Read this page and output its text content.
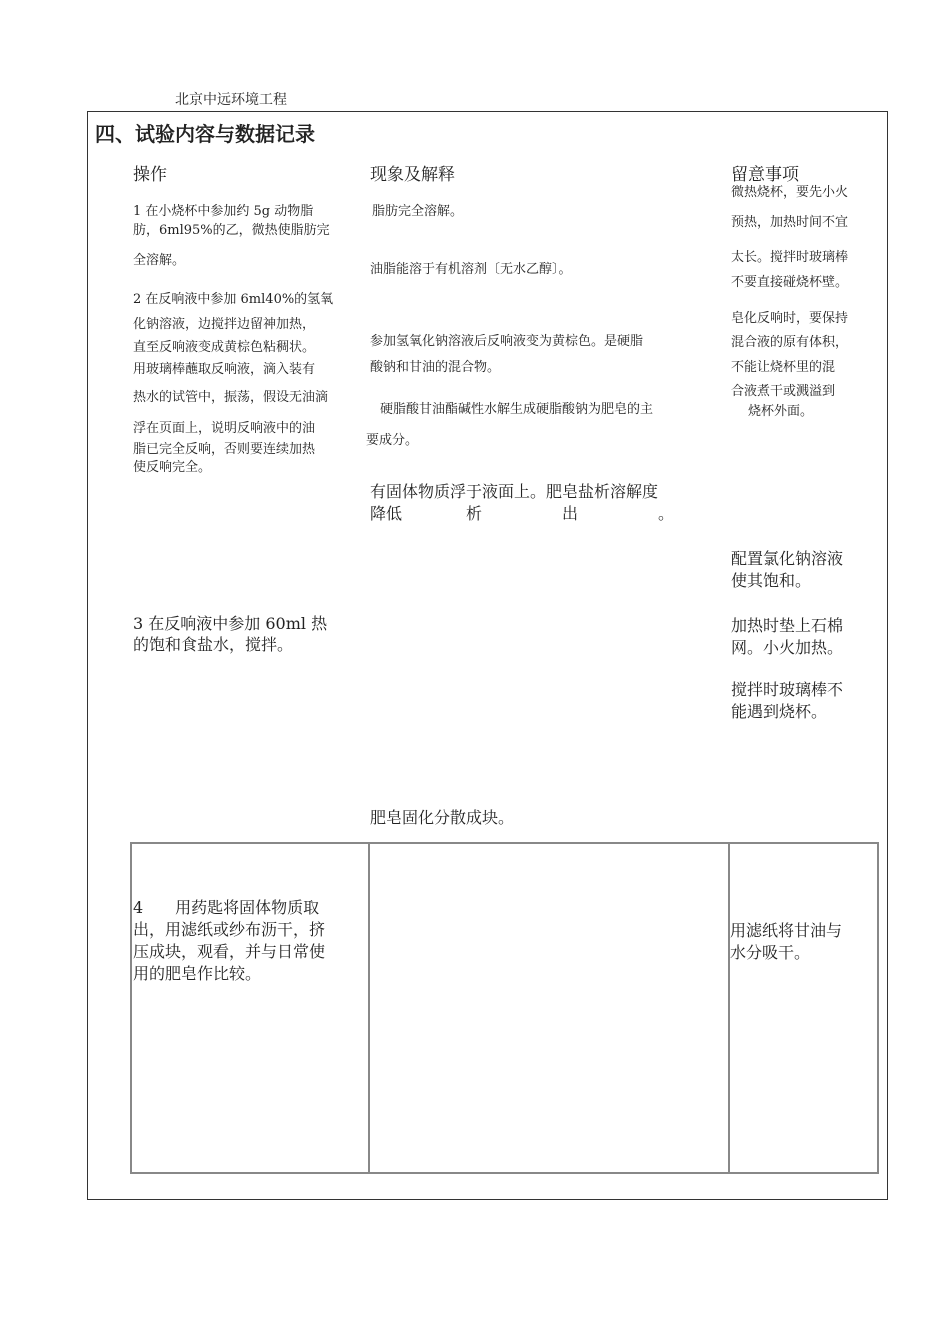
北京中远环境工程
四、试验内容与数据记录
操作	现象及解释	留意事项
1 在小烧杯中参加约 5g 动物脂
肪，6ml95%的乙，微热使脂肪完
全溶解。
脂肪完全溶解。
油脂能溶于有机溶剂〔无水乙醇〕。
微热烧杯，要先小火
预热，加热时间不宜
太长。搅拌时玻璃棒
不要直接碰烧杯壁。
2 在反响液中参加 6ml40%的氢氧
化钠溶液，边搅拌边留神加热，
直至反响液变成黄棕色粘稠状。
用玻璃棒蘸取反响液，滴入装有
热水的试管中，振荡，假设无油滴
浮在页面上，说明反响液中的油
脂已完全反响，否则要连续加热
使反响完全。
参加氢氧化钠溶液后反响液变为黄棕色。是硬脂
酸钠和甘油的混合物。
硬脂酸甘油酯碱性水解生成硬脂酸钠为肥皂的主
要成分。
皂化反响时，要保持
混合液的原有体积，
不能让烧杯里的混
合液煮干或溅溢到
烧杯外面。
3 在反响液中参加 60ml 热
的饱和食盐水，搅拌。
有固体物质浮于液面上。肥皂盐析溶解度
降低　　　　析　　　　　出　　　　　。
配置氯化钠溶液
使其饱和。
加热时垫上石棉
网。小火加热。
搅拌时玻璃棒不
能遇到烧杯。
肥皂固化分散成块。
4　　用药匙将固体物质取
出，用滤纸或纱布沥干，挤
压成块，观看，并与日常使
用的肥皂作比较。
用滤纸将甘油与
水分吸干。
